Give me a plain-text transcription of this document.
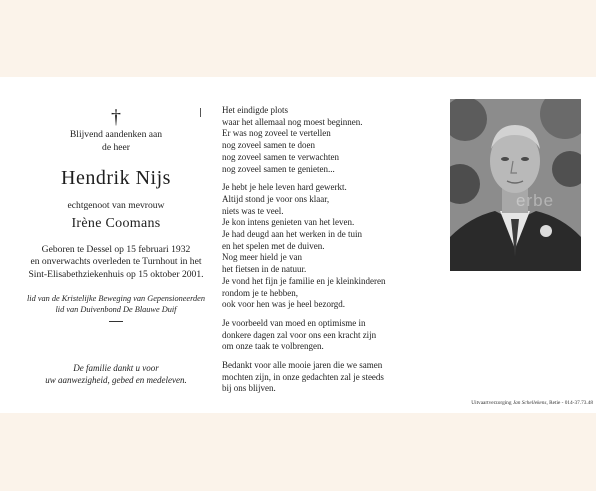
†
Blijvend aandenken aan
de heer
Hendrik Nijs
echtgenoot van mevrouw
Irène Coomans
Geboren te Dessel op 15 februari 1932
en onverwachts overleden te Turnhout in het
Sint-Elisabethziekenhuis op 15 oktober 2001.
lid van de Kristelijke Beweging van Gepensioneerden
lid van Duivenbond De Blauwe Duif
De familie dankt u voor
uw aanwezigheid, gebed en medeleven.
Het eindigde plots
waar het allemaal nog moest beginnen.
Er was nog zoveel te vertellen
nog zoveel samen te doen
nog zoveel samen te verwachten
nog zoveel samen te genieten...
Je hebt je hele leven hard gewerkt.
Altijd stond je voor ons klaar,
niets was te veel.
Je kon intens genieten van het leven.
Je had deugd aan het werken in de tuin
en het spelen met de duiven.
Nog meer hield je van
het fietsen in de natuur.
Je vond het fijn je familie en je kleinkinderen
rondom je te hebben,
ook voor hen was je heel bezorgd.
Je voorbeeld van moed en optimisme in
donkere dagen zal voor ons een kracht zijn
om onze taak te volbrengen.
Bedankt voor alle mooie jaren die we samen
mochten zijn, in onze gedachten zal je steeds
bij ons blijven.
erbe
Uitvaartverzorging Jan Schellekens, Retie - 014-37.73.48
